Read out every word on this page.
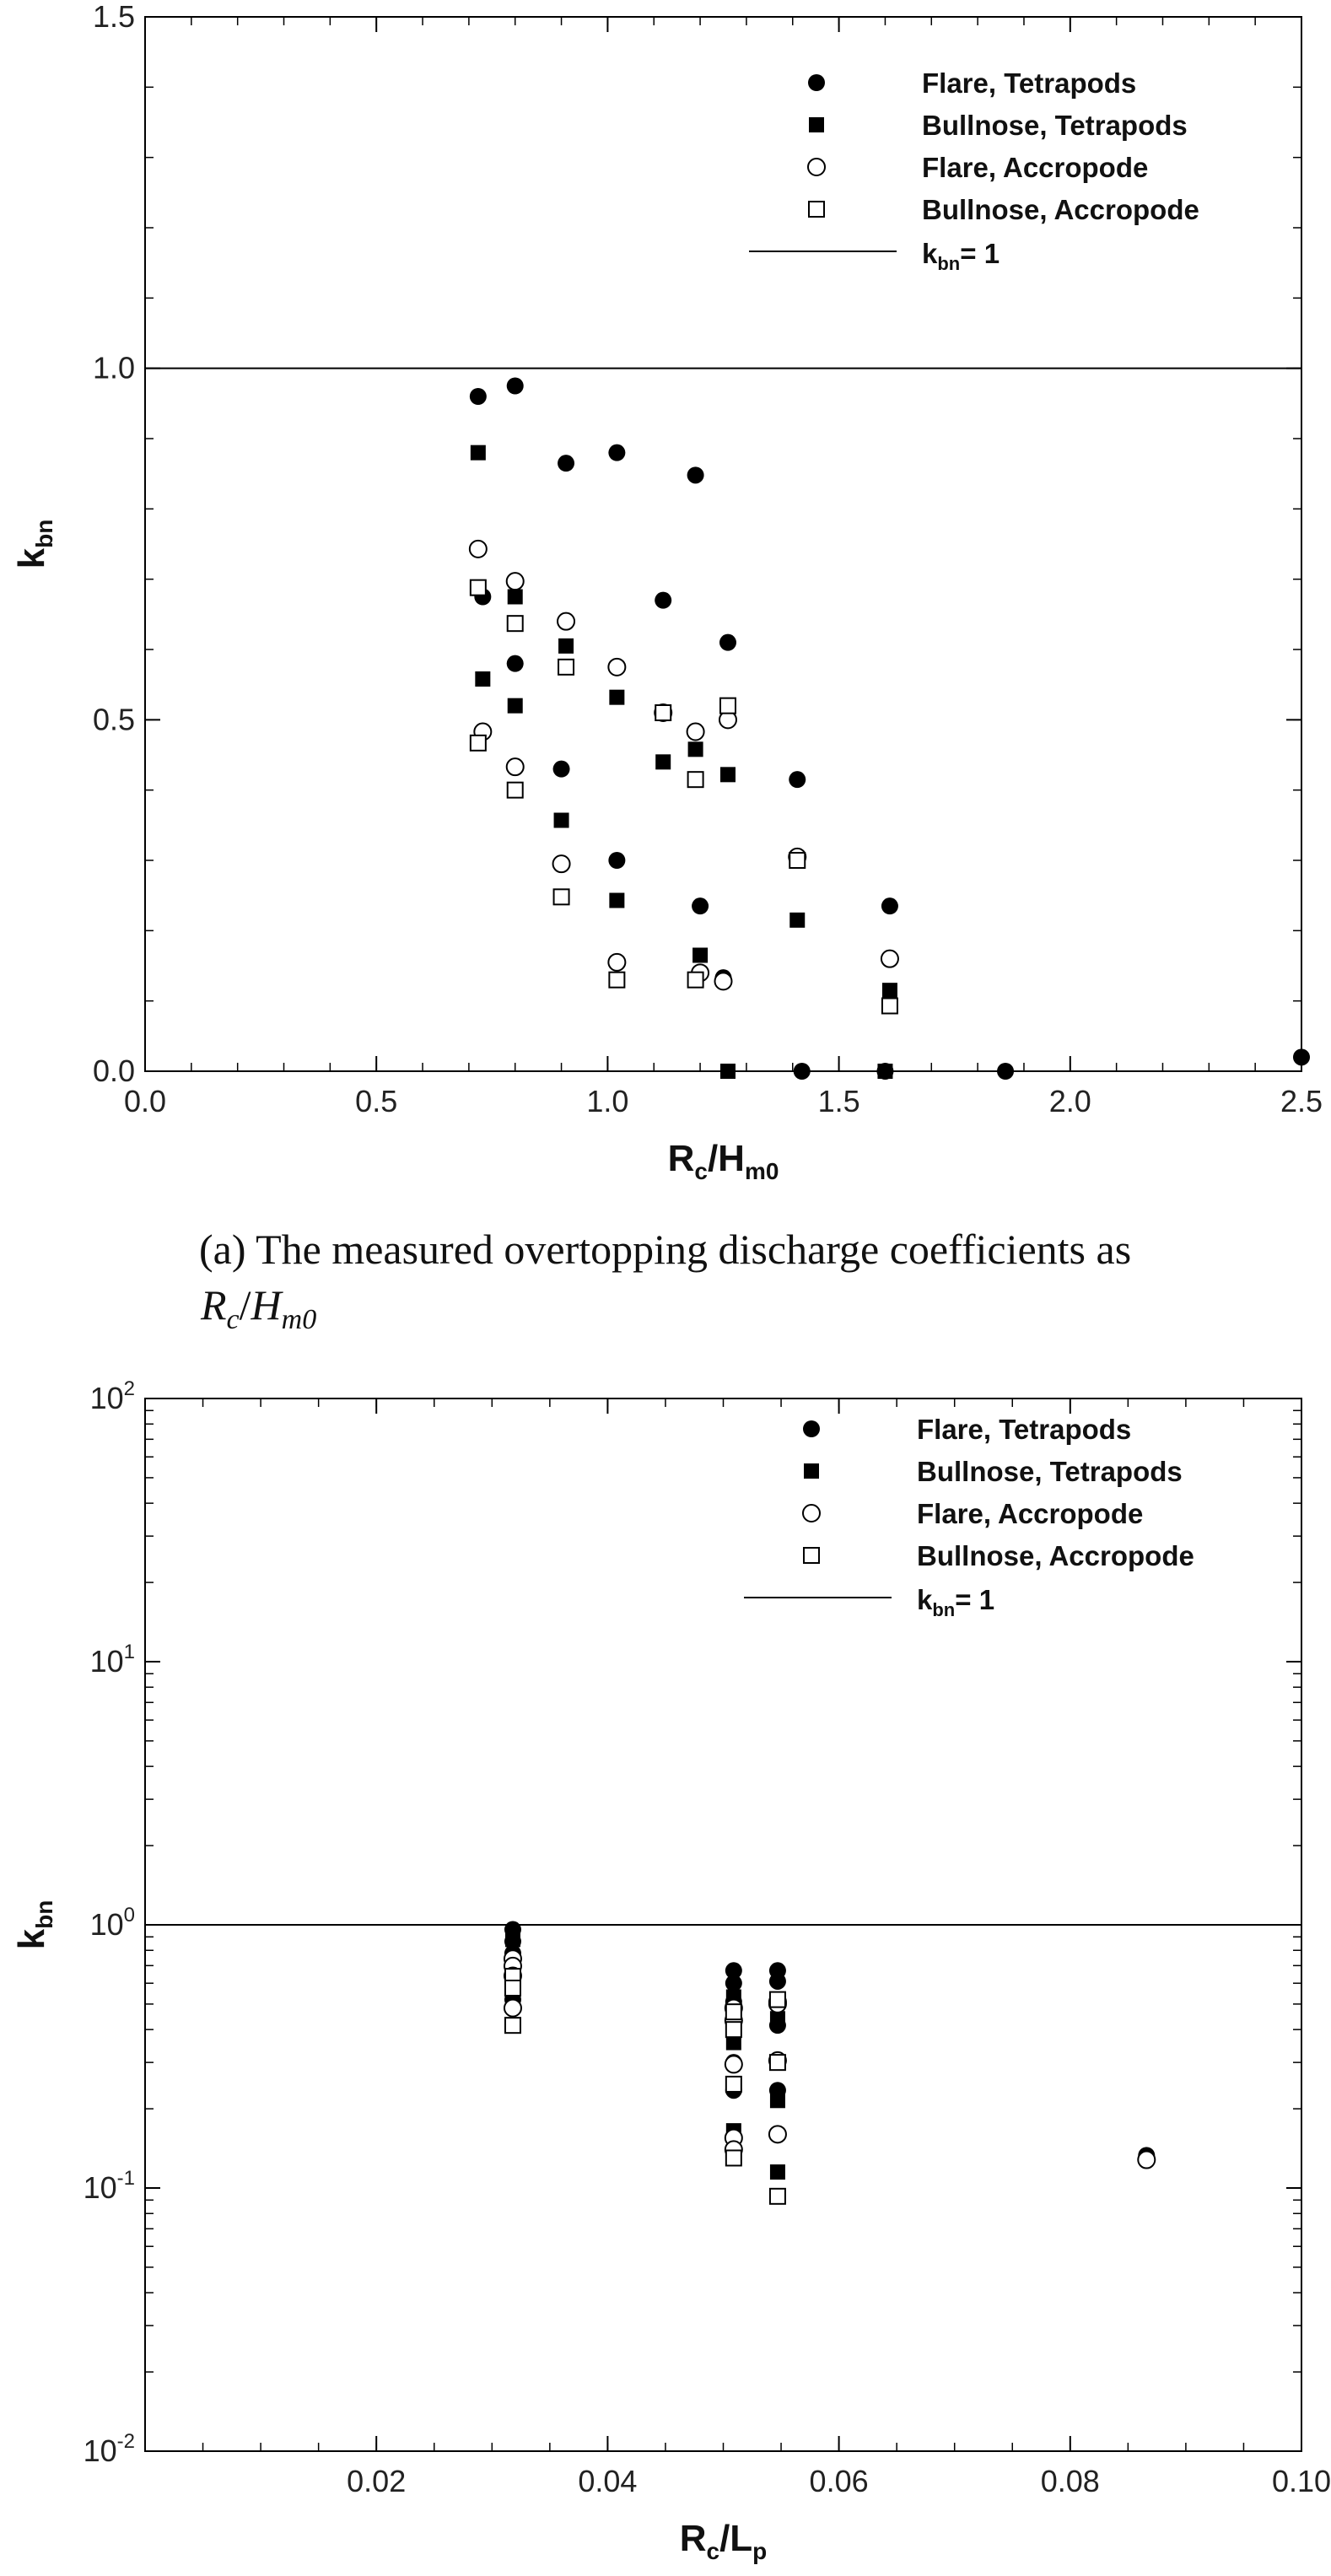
0.0
0.5
1.0
1.5
0.0	0.5	1.0	1.5	2.0	2.5
$R_c/H_{m0}$
$k_{bn}$
Flare, Tetrapods
Bullnose, Tetrapods
Flare, Accropode
Bullnose, Accropode
$k_{bn}= 1$
(a) The measured overtopping discharge coefficients as
$R_c/H_{m0}$
$10^{-2}$
$10^{-1}$
$10^0$
$10^1$
$10^2$
0.02	0.04	0.06	0.08	0.10
$R_c/L_p$
$k_{bn}$
Flare, Tetrapods
Bullnose, Tetrapods
Flare, Accropode
Bullnose, Accropode
$k_{bn}= 1$
